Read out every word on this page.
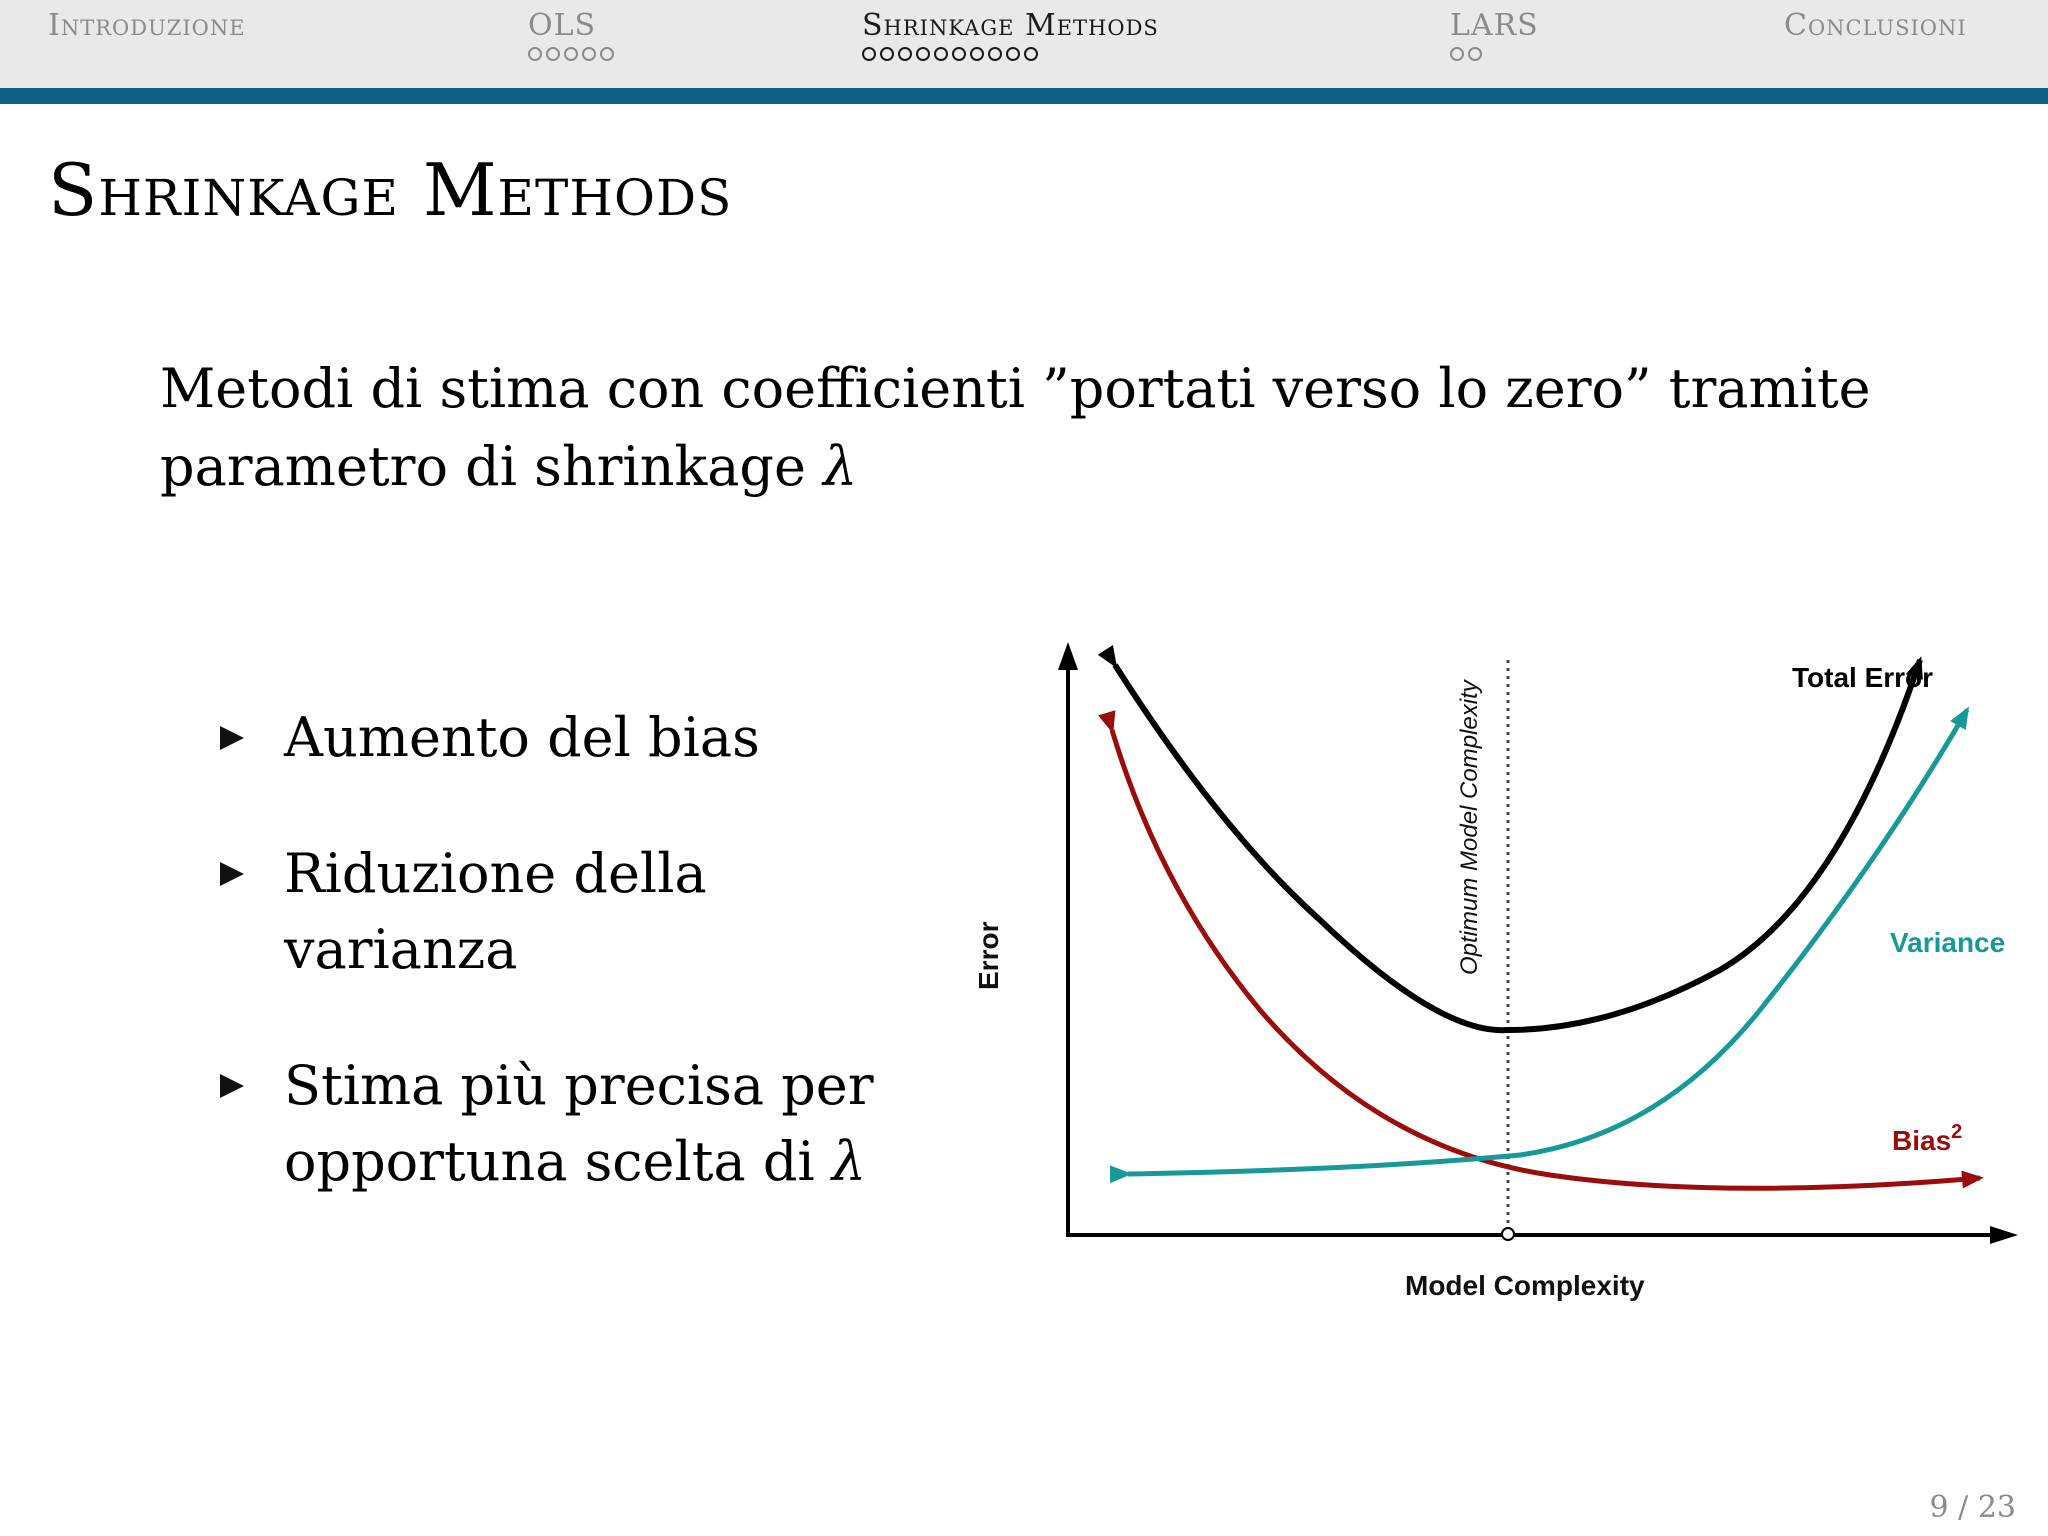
Introduzione	OLS	Shrinkage Methods	LARS	Conclusioni
Shrinkage Methods
Metodi di stima con coefficienti ”portati verso lo zero” tramite
parametro di shrinkage λ
Aumento del bias
Riduzione della
varianza
Stima più precisa per
opportuna scelta di λ
Total Error
Variance
Bias$^2$
Model Complexity
Error	Optimum Model Complexity
9 / 23
